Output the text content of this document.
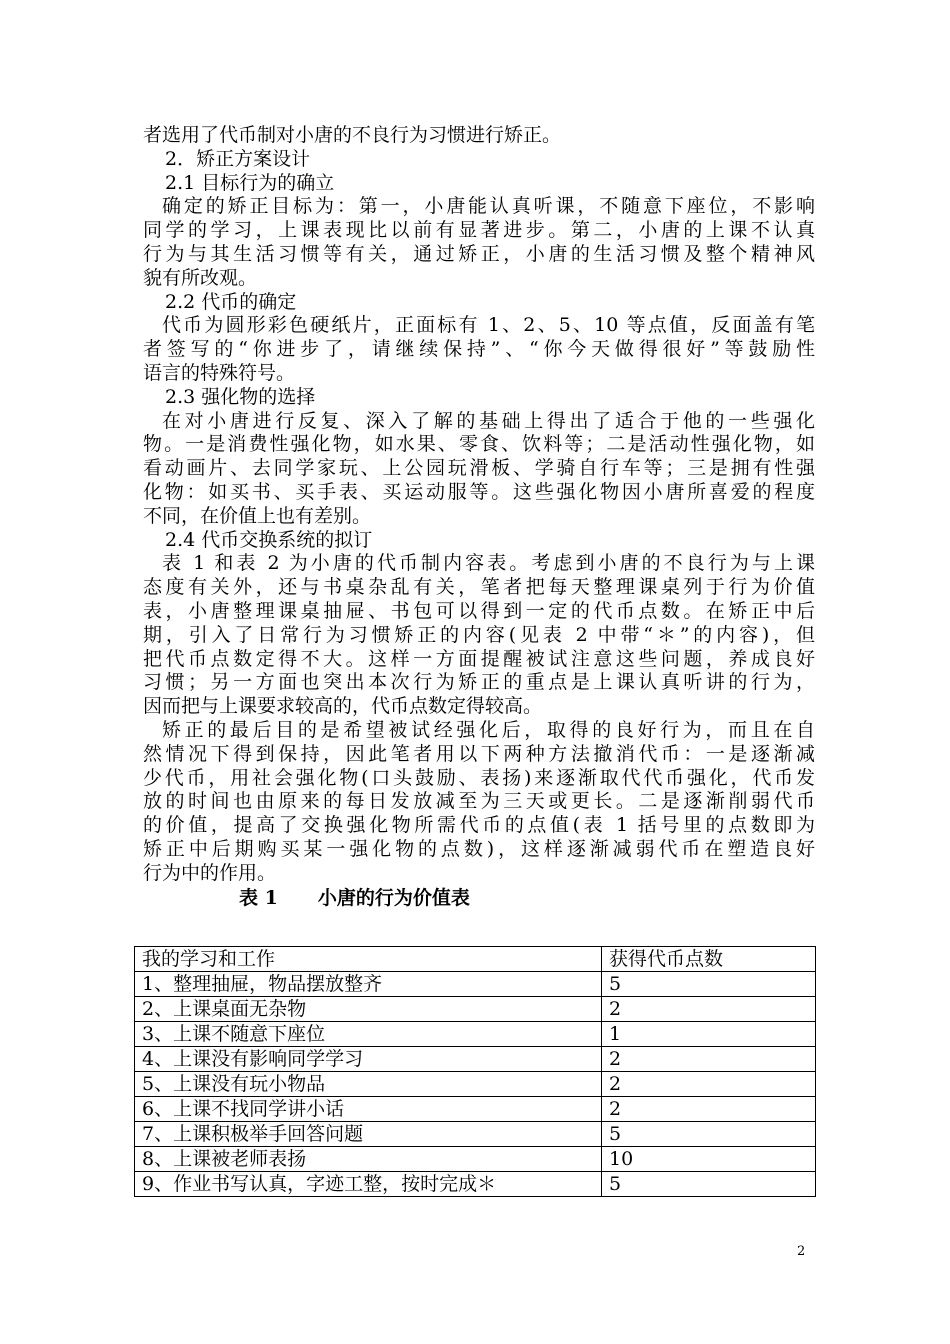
者选用了代币制对小唐的不良行为习惯进行矫正。
2．矫正方案设计
2.1 目标行为的确立
确定的矫正目标为：第一，小唐能认真听课，不随意下座位，不影响
同学的学习，上课表现比以前有显著进步。第二，小唐的上课不认真
行为与其生活习惯等有关，通过矫正，小唐的生活习惯及整个精神风
貌有所改观。
2.2 代币的确定
代币为圆形彩色硬纸片，正面标有 1、2、5、10 等点值，反面盖有笔
者签写的“你进步了，请继续保持”、“你今天做得很好”等鼓励性
语言的特殊符号。
2.3 强化物的选择
在对小唐进行反复、深入了解的基础上得出了适合于他的一些强化
物。一是消费性强化物，如水果、零食、饮料等；二是活动性强化物，如
看动画片、去同学家玩、上公园玩滑板、学骑自行车等；三是拥有性强
化物：如买书、买手表、买运动服等。这些强化物因小唐所喜爱的程度
不同，在价值上也有差别。
2.4 代币交换系统的拟订
表 1 和表 2 为小唐的代币制内容表。考虑到小唐的不良行为与上课
态度有关外，还与书桌杂乱有关，笔者把每天整理课桌列于行为价值
表，小唐整理课桌抽屉、书包可以得到一定的代币点数。在矫正中后
期，引入了日常行为习惯矫正的内容(见表 2 中带“＊”的内容)，但
把代币点数定得不大。这样一方面提醒被试注意这些问题，养成良好
习惯；另一方面也突出本次行为矫正的重点是上课认真听讲的行为，
因而把与上课要求较高的，代币点数定得较高。
矫正的最后目的是希望被试经强化后，取得的良好行为，而且在自
然情况下得到保持，因此笔者用以下两种方法撤消代币：一是逐渐减
少代币，用社会强化物(口头鼓励、表扬)来逐渐取代代币强化，代币发
放的时间也由原来的每日发放减至为三天或更长。二是逐渐削弱代币
的价值，提高了交换强化物所需代币的点值(表 1 括号里的点数即为
矫正中后期购买某一强化物的点数)，这样逐渐减弱代币在塑造良好
行为中的作用。
表 1 小唐的行为价值表
我的学习和工作	获得代币点数
1、整理抽屉，物品摆放整齐	5
2、上课桌面无杂物	2
3、上课不随意下座位	1
4、上课没有影响同学学习	2
5、上课没有玩小物品	2
6、上课不找同学讲小话	2
7、上课积极举手回答问题	5
8、上课被老师表扬	10
9、作业书写认真，字迹工整，按时完成＊	5
2
